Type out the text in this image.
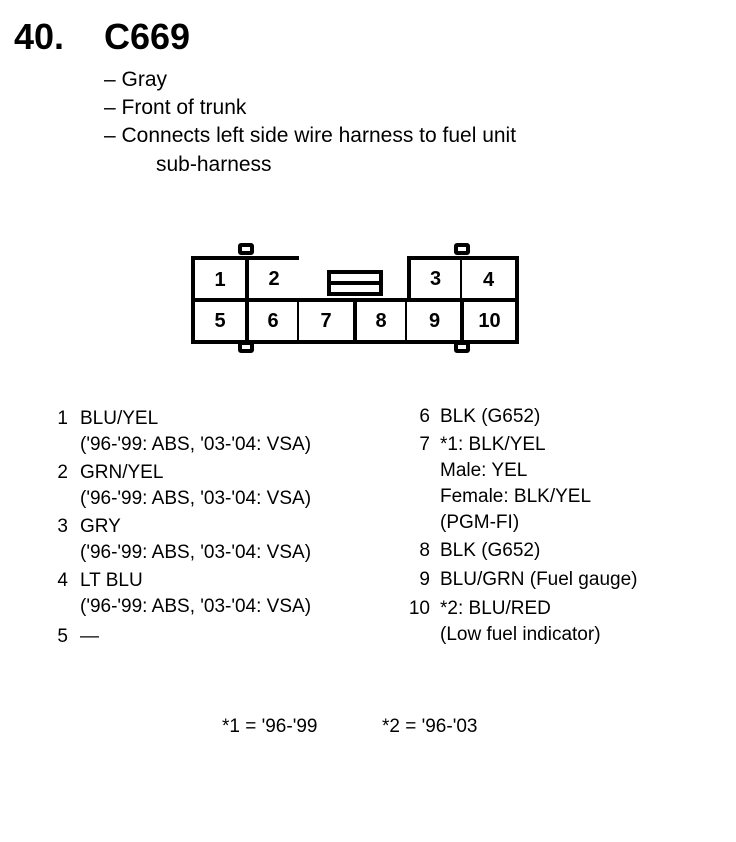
40. C669
– Gray
– Front of trunk
– Connects left side wire harness to fuel unit
sub-harness
1	2	3	4
5	6	7	8	9	10
1 BLU/YEL
('96-'99: ABS, '03-'04: VSA)
2 GRN/YEL
('96-'99: ABS, '03-'04: VSA)
3 GRY
('96-'99: ABS, '03-'04: VSA)
4 LT BLU
('96-'99: ABS, '03-'04: VSA)
5 —
6 BLK (G652)
7 *1: BLK/YEL
Male: YEL
Female: BLK/YEL
(PGM-FI)
8 BLK (G652)
9 BLU/GRN (Fuel gauge)
10 *2: BLU/RED
(Low fuel indicator)
*1 = '96-'99	*2 = '96-'03
